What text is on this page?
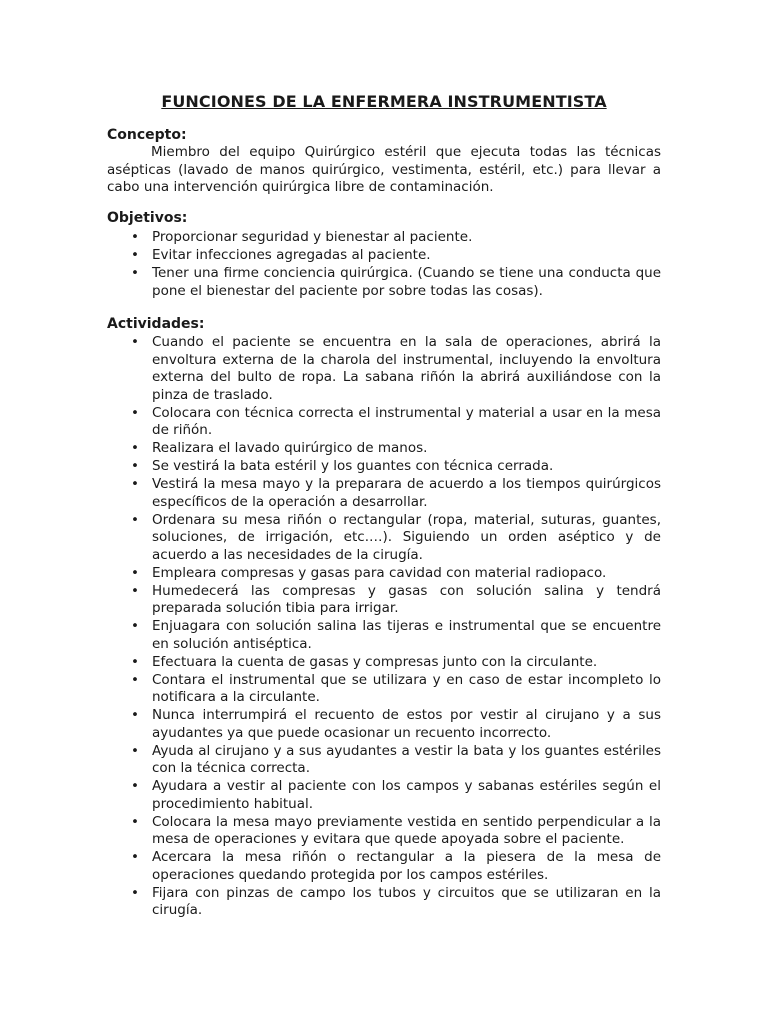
FUNCIONES DE LA ENFERMERA INSTRUMENTISTA
Concepto:
Miembro del equipo Quirúrgico estéril que ejecuta todas las técnicas asépticas (lavado de manos quirúrgico, vestimenta, estéril, etc.) para llevar a cabo una intervención quirúrgica libre de contaminación.
Objetivos:
• Proporcionar seguridad y bienestar al paciente.
• Evitar infecciones agregadas al paciente.
• Tener una firme conciencia quirúrgica. (Cuando se tiene una conducta que pone el bienestar del paciente por sobre todas las cosas).
Actividades:
• Cuando el paciente se encuentra en la sala de operaciones, abrirá la envoltura externa de la charola del instrumental, incluyendo la envoltura externa del bulto de ropa. La sabana riñón la abrirá auxiliándose con la pinza de traslado.
• Colocara con técnica correcta el instrumental y material a usar en la mesa de riñón.
• Realizara el lavado quirúrgico de manos.
• Se vestirá la bata estéril y los guantes con técnica cerrada.
• Vestirá la mesa mayo y la preparara de acuerdo a los tiempos quirúrgicos específicos de la operación a desarrollar.
• Ordenara su mesa riñón o rectangular (ropa, material, suturas, guantes, soluciones, de irrigación, etc.…). Siguiendo un orden aséptico y de acuerdo a las necesidades de la cirugía.
• Empleara compresas y gasas para cavidad con material radiopaco.
• Humedecerá las compresas y gasas con solución salina y tendrá preparada solución tibia para irrigar.
• Enjuagara con solución salina las tijeras e instrumental que se encuentre en solución antiséptica.
• Efectuara la cuenta de gasas y compresas junto con la circulante.
• Contara el instrumental que se utilizara y en caso de estar incompleto lo notificara a la circulante.
• Nunca interrumpirá el recuento de estos por vestir al cirujano y a sus ayudantes ya que puede ocasionar un recuento incorrecto.
• Ayuda al cirujano y a sus ayudantes a vestir la bata y los guantes estériles con la técnica correcta.
• Ayudara a vestir al paciente con los campos y sabanas estériles según el procedimiento habitual.
• Colocara la mesa mayo previamente vestida en sentido perpendicular a la mesa de operaciones y evitara que quede apoyada sobre el paciente.
• Acercara la mesa riñón o rectangular a la piesera de la mesa de operaciones quedando protegida por los campos estériles.
• Fijara con pinzas de campo los tubos y circuitos que se utilizaran en la cirugía.
